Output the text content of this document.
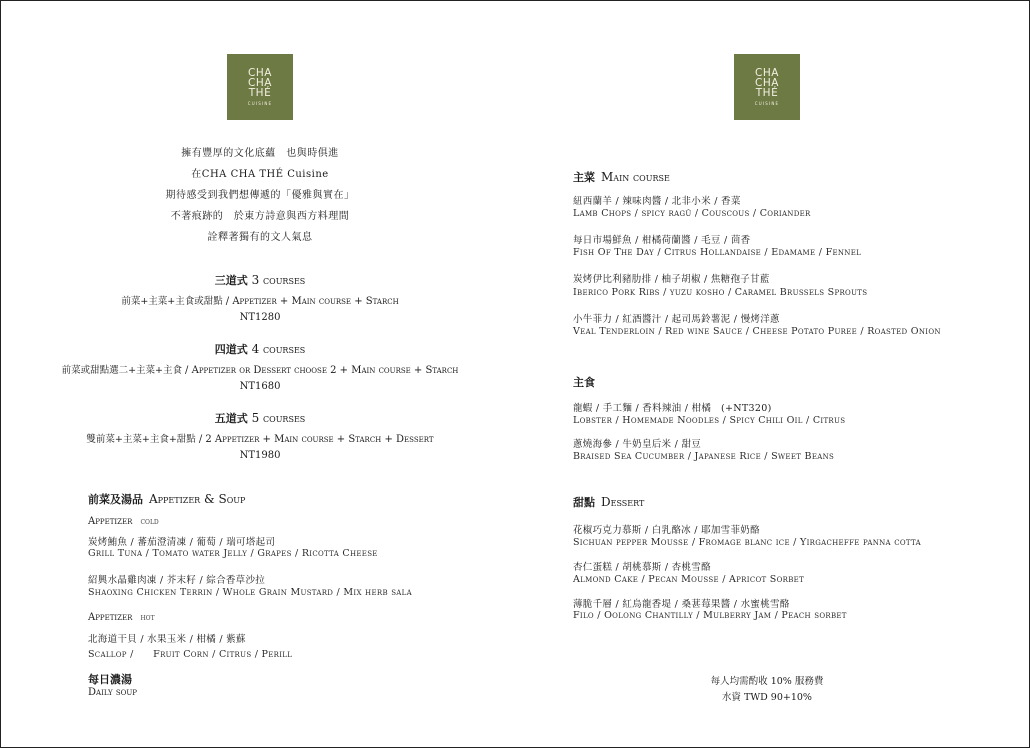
CHA
CHA
THÉ
CUISINE
CHA
CHA
THÉ
CUISINE
擁有豐厚的文化底蘊　也與時俱進
在CHA CHA THÉ Cuisine
期待感受到我們想傳遞的「優雅與實在」
不著痕跡的　於東方詩意與西方料理間
詮釋著獨有的文人氣息
三道式 3 courses
前菜+主菜+主食或甜點 / Appetizer + Main course + Starch
NT1280
四道式 4 courses
前菜或甜點選二+主菜+主食 / Appetizer or Dessert choose 2 + Main course + Starch
NT1680
五道式 5 courses
雙前菜+主菜+主食+甜點 / 2 Appetizer + Main course + Starch + Dessert
NT1980
前菜及湯品 Appetizer & Soup
Appetizer cold
炭烤鮪魚 / 蕃茄澄清凍 / 葡萄 / 瑞可塔起司
Grill Tuna / Tomato water Jelly / Grapes / Ricotta Cheese
紹興水晶雞肉凍 / 芥末籽 / 綜合香草沙拉
Shaoxing Chicken Terrin / Whole Grain Mustard / Mix herb sala
Appetizer hot
北海道干貝 / 水果玉米 / 柑橘 / 紫蘇
Scallop /　　Fruit Corn / Citrus / Perill
每日濃湯
Daily soup
主菜 Main course
紐西蘭羊 / 辣味肉醬 / 北非小米 / 香菜
Lamb Chops / spicy ragû / Couscous / Coriander
每日市場鮮魚 / 柑橘荷蘭醬 / 毛豆 / 茴香
Fish Of The Day / Citrus Hollandaise / Edamame / Fennel
炭烤伊比利豬肋排 / 柚子胡椒 / 焦糖孢子甘藍
Iberico Pork Ribs / yuzu kosho / Caramel Brussels Sprouts
小牛菲力 / 紅酒醬汁 / 起司馬鈴薯泥 / 慢烤洋蔥
Veal Tenderloin / Red wine Sauce / Cheese Potato Puree / Roasted Onion
主食
龍蝦 / 手工麵 / 香料辣油 / 柑橘　(+NT320)
Lobster / Homemade Noodles / Spicy Chili Oil / Citrus
蔥燒海參 / 牛奶皇后米 / 甜豆
Braised Sea Cucumber / Japanese Rice / Sweet Beans
甜點 Dessert
花椒巧克力慕斯 / 白乳酪冰 / 耶加雪菲奶酪
Sichuan pepper Mousse / Fromage blanc ice / Yirgacheffe panna cotta
杏仁蛋糕 / 胡桃慕斯 / 杏桃雪酪
Almond Cake / Pecan Mousse / Apricot Sorbet
薄脆千層 / 紅烏龍香堤 / 桑葚莓果醬 / 水蜜桃雪酪
Filo / Oolong Chantilly / Mulberry Jam / Peach sorbet
每人均需酌收 10% 服務費
水資 TWD 90+10%
